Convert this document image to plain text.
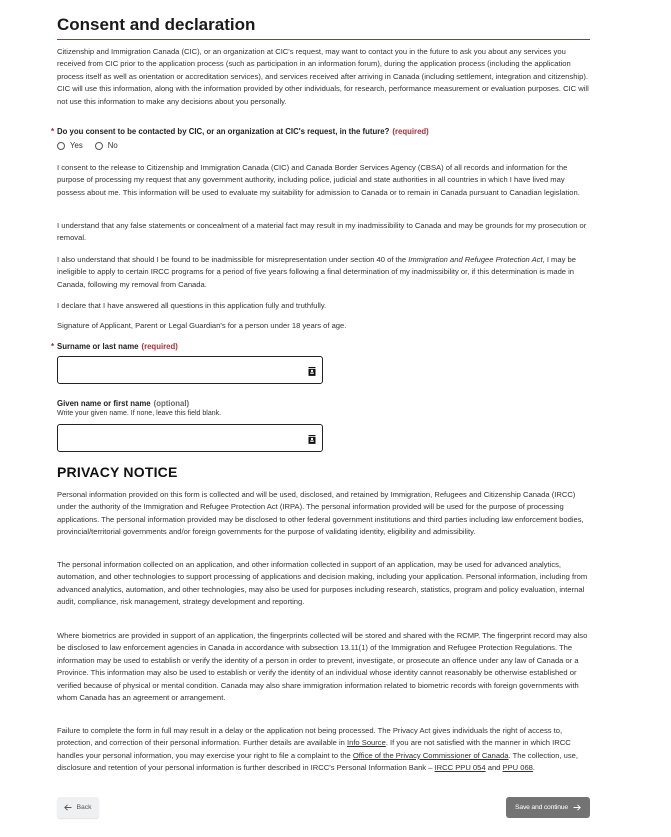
Consent and declaration

Citizenship and Immigration Canada (CIC), or an organization at CIC's request, may want to contact you in the future to ask you about any services you received from CIC prior to the application process (such as participation in an information forum), during the application process (including the application process itself as well as orientation or accreditation services), and services received after arriving in Canada (including settlement, integration and citizenship). CIC will use this information, along with the information provided by other individuals, for research, performance measurement or evaluation purposes. CIC will not use this information to make any decisions about you personally.

* Do you consent to be contacted by CIC, or an organization at CIC's request, in the future? (required)
Yes	No

I consent to the release to Citizenship and Immigration Canada (CIC) and Canada Border Services Agency (CBSA) of all records and information for the purpose of processing my request that any government authority, including police, judicial and state authorities in all countries in which I have lived may possess about me. This information will be used to evaluate my suitability for admission to Canada or to remain in Canada pursuant to Canadian legislation.

I understand that any false statements or concealment of a material fact may result in my inadmissibility to Canada and may be grounds for my prosecution or removal.

I also understand that should I be found to be inadmissible for misrepresentation under section 40 of the Immigration and Refugee Protection Act, I may be ineligible to apply to certain IRCC programs for a period of five years following a final determination of my inadmissibility or, if this determination is made in Canada, following my removal from Canada.

I declare that I have answered all questions in this application fully and truthfully.

Signature of Applicant, Parent or Legal Guardian's for a person under 18 years of age.

* Surname or last name (required)
Given name or first name (optional)
Write your given name. If none, leave this field blank.
PRIVACY NOTICE

Personal information provided on this form is collected and will be used, disclosed, and retained by Immigration, Refugees and Citizenship Canada (IRCC) under the authority of the Immigration and Refugee Protection Act (IRPA). The personal information provided will be used for the purpose of processing applications. The personal information provided may be disclosed to other federal government institutions and third parties including law enforcement bodies, provincial/territorial governments and/or foreign governments for the purpose of validating identity, eligibility and admissibility.

The personal information collected on an application, and other information collected in support of an application, may be used for advanced analytics, automation, and other technologies to support processing of applications and decision making, including your application. Personal information, including from advanced analytics, automation, and other technologies, may also be used for purposes including research, statistics, program and policy evaluation, internal audit, compliance, risk management, strategy development and reporting.

Where biometrics are provided in support of an application, the fingerprints collected will be stored and shared with the RCMP. The fingerprint record may also be disclosed to law enforcement agencies in Canada in accordance with subsection 13.11(1) of the Immigration and Refugee Protection Regulations. The information may be used to establish or verify the identity of a person in order to prevent, investigate, or prosecute an offence under any law of Canada or a Province. This information may also be used to establish or verify the identity of an individual whose identity cannot reasonably be otherwise established or verified because of physical or mental condition. Canada may also share immigration information related to biometric records with foreign governments with whom Canada has an agreement or arrangement.

Failure to complete the form in full may result in a delay or the application not being processed. The Privacy Act gives individuals the right of access to, protection, and correction of their personal information. Further details are available in Info Source. If you are not satisfied with the manner in which IRCC handles your personal information, you may exercise your right to file a complaint to the Office of the Privacy Commissioner of Canada. The collection, use, disclosure and retention of your personal information is further described in IRCC's Personal Information Bank – IRCC PPU 054 and PPU 068.

Back	Save and continue
